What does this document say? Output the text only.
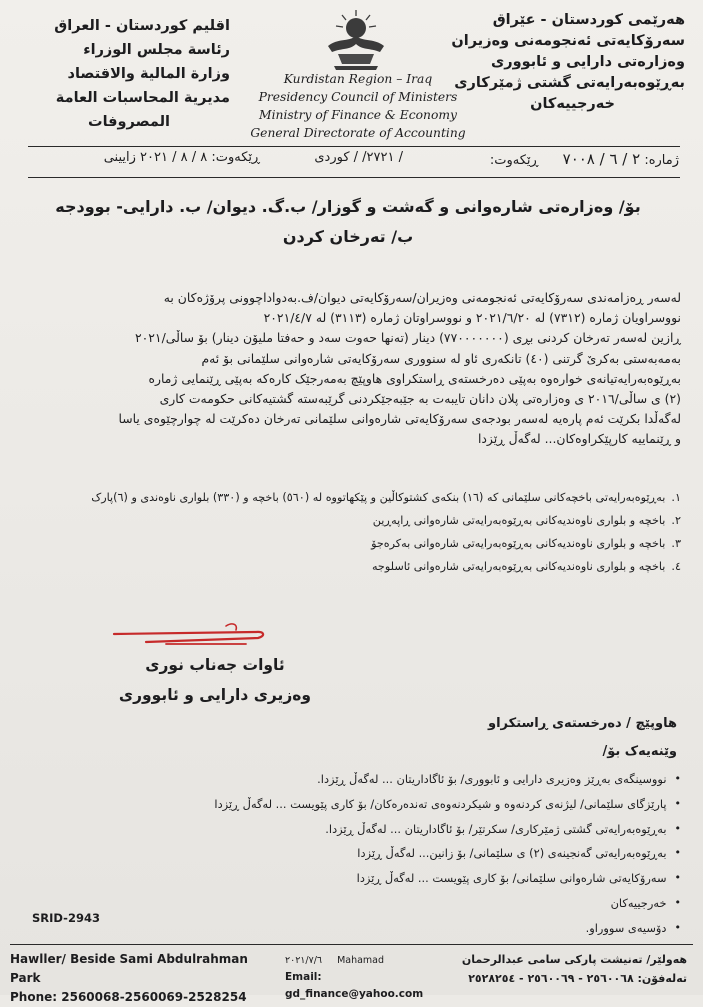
هەرێمی کوردستان - عێراق
سەرۆکایەتی ئەنجومەنی وەزیران
وەزارەتی دارایی و ئابووری
بەڕێوەبەرایەتی گشتی ژمێرکاری
خەرجییەکان
Kurdistan Region – Iraq
Presidency Council of Ministers
Ministry of Finance & Economy
General Directorate of Accounting
اقليم كوردستان - العراق
رئاسة مجلس الوزراء
وزارة المالية والاقتصاد
مديرية المحاسبات العامة
المصروفات
ژمارە: ٢ / ٦ / ٧٠٠٨ ڕێکەوت:
/ ٢٧٢١/ / کوردی
ڕێکەوت: ٨ / ٨ / ٢٠٢١ زایینی
بۆ/ وەزارەتی شارەوانی و گەشت و گوزار/ ب.گ. دیوان/ ب. دارایی- بوودجە
ب/ تەرخان کردن

لەسەر ڕەزامەندی سەرۆکایەتی ئەنجومەنی وەزیران/سەرۆکایەتی دیوان/ف.بەدواداچوونی پرۆژەکان بە

نووسراویان ژمارە (٧٣١٢) لە ٢٠٢١/٦/٢٠ و نووسراوتان ژمارە (٣١١٣) لە ٢٠٢١/٤/٧

ڕازین لەسەر تەرخان کردنی بڕی (٧٧٠٠٠٠٠٠٠) دینار (تەنها حەوت سەد و حەفتا ملیۆن دینار) بۆ ساڵی/٢٠٢١

بەمەبەستی بەکرێ گرتنی (٤٠) تانکەری ئاو لە سنووری سەرۆکایەتی شارەوانی سلێمانی بۆ ئەم

بەڕێوەبەرایەتیانەی خوارەوە بەپێی دەرخستەی ڕاستکراوی هاوپێچ بەمەرجێک کارەکە بەپێی ڕێنمایی ژمارە

(٢) ی ساڵی/٢٠١٦ ی وەزارەتی پلان دانان تایبەت بە جێبەجێکردنی گرێبەستە گشتیەکانی حکومەت کاری

لەگەڵدا بکرێت ئەم پارەیە لەسەر بودجەی سەرۆکایەتی شارەوانی سلێمانی تەرخان دەکرێت لە چوارچێوەی یاسا

و ڕێنماییە کارپێکراوەکان... لەگەڵ ڕێزدا

١.
بەڕێوەبەرایەتی باخچەکانی سلێمانی کە (١٦) بنکەی کشتوکاڵین و پێکهاتووە لە (٥٦٠) باخچە و (٣٣٠) بلواری ناوەندی و (٦)پارک
٢.
باخچە و بلواری ناوەندیەکانی بەڕێوەبەرایەتی شارەوانی ڕاپەڕین
٣.
باخچە و بلواری ناوەندیەکانی بەڕێوەبەرایەتی شارەوانی بەکرەجۆ
٤.
باخچە و بلواری ناوەندیەکانی بەڕێوەبەرایەتی شارەوانی ئاسلوجە
ئاوات جەناب نوری
وەزیری دارایی و ئابووری
هاوپێچ / دەرخستەی ڕاستکراو
وێنەیەک بۆ/
•
نووسینگەی بەڕێز وەزیری دارایی و ئابووری/ بۆ ئاگاداریتان ... لەگەڵ ڕێزدا.
•
پارێزگای سلێمانی/ لیژنەی کردنەوە و شیکردنەوەی تەندەرەکان/ بۆ کاری پێویست ... لەگەڵ ڕێزدا
•
بەڕێوەبەرایەتی گشتی ژمێرکاری/ سکرتێر/ بۆ ئاگاداریتان ... لەگەڵ ڕێزدا.
•
بەڕێوەبەرایەتی گەنجینەی (٢) ی سلێمانی/ بۆ زانین... لەگەڵ ڕێزدا
•
سەرۆکایەتی شارەوانی سلێمانی/ بۆ کاری پێویست ... لەگەڵ ڕێزدا
•
خەرجییەکان
•
دۆسیەی سووراو.
SRID-2943
Hawller/ Beside Sami Abdulrahman Park
Phone: 2560068-2560069-2528254
٢٠٢١/٧/٦ Mahamad
Email: gd_finance@yahoo.com
هەولێر/ تەنیشت پارکی سامی عبدالرحمان
تەلەفۆن: ٢٥٦٠٠٦٨ - ٢٥٦٠٠٦٩ - ٢٥٢٨٢٥٤
